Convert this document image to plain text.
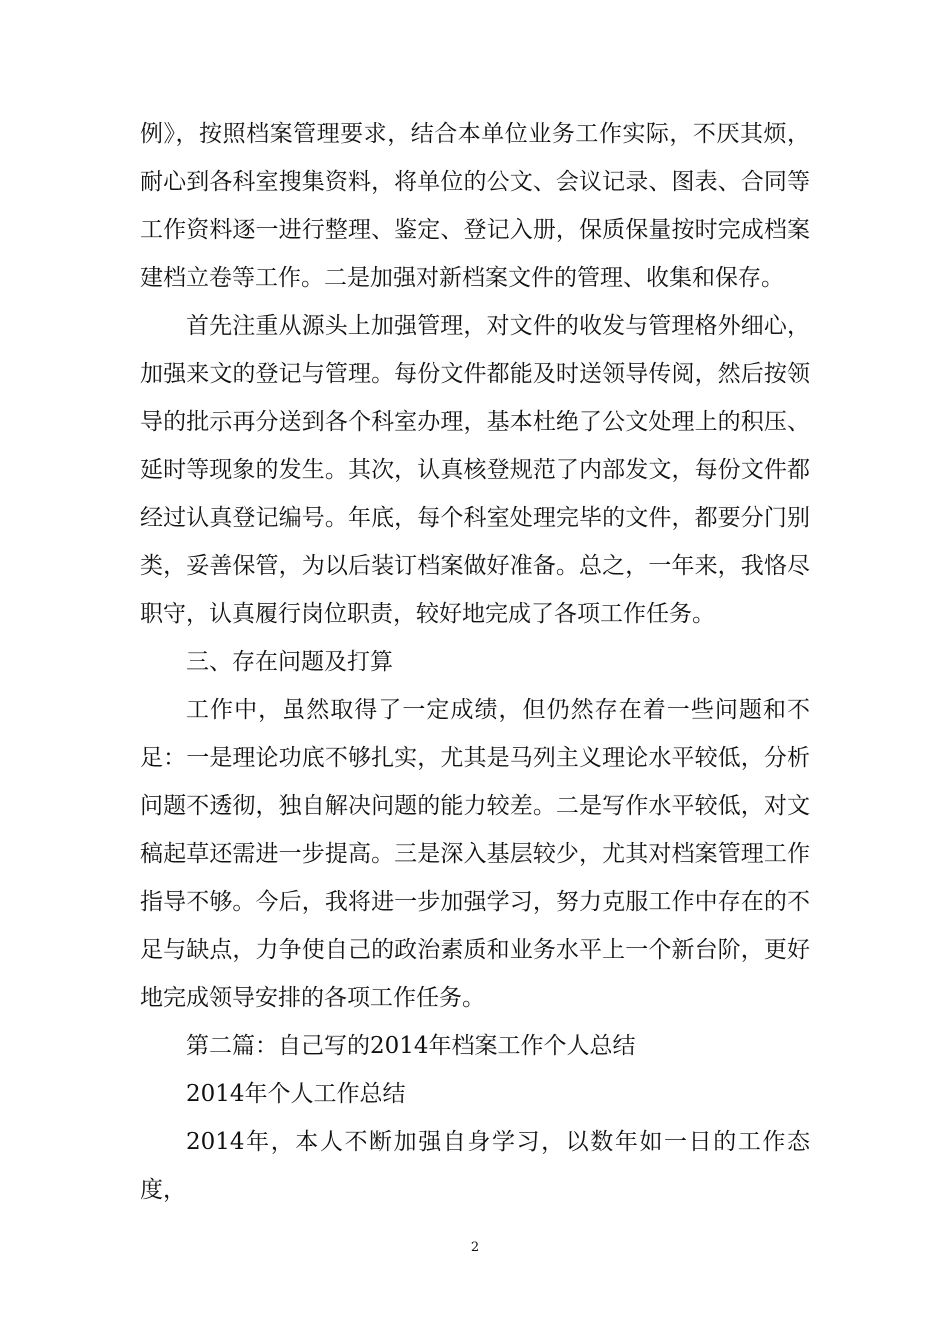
例》，按照档案管理要求，结合本单位业务工作实际，不厌其烦，耐心到各科室搜集资料，将单位的公文、会议记录、图表、合同等工作资料逐一进行整理、鉴定、登记入册，保质保量按时完成档案建档立卷等工作。二是加强对新档案文件的管理、收集和保存。

首先注重从源头上加强管理，对文件的收发与管理格外细心，加强来文的登记与管理。每份文件都能及时送领导传阅，然后按领导的批示再分送到各个科室办理，基本杜绝了公文处理上的积压、延时等现象的发生。其次，认真核登规范了内部发文，每份文件都经过认真登记编号。年底，每个科室处理完毕的文件，都要分门别类，妥善保管，为以后装订档案做好准备。总之，一年来，我恪尽职守，认真履行岗位职责，较好地完成了各项工作任务。

三、存在问题及打算

工作中，虽然取得了一定成绩，但仍然存在着一些问题和不足：一是理论功底不够扎实，尤其是马列主义理论水平较低，分析问题不透彻，独自解决问题的能力较差。二是写作水平较低，对文稿起草还需进一步提高。三是深入基层较少，尤其对档案管理工作指导不够。今后，我将进一步加强学习，努力克服工作中存在的不足与缺点，力争使自己的政治素质和业务水平上一个新台阶，更好地完成领导安排的各项工作任务。

第二篇：自己写的2014年档案工作个人总结

2014年个人工作总结

2014年，本人不断加强自身学习，以数年如一日的工作态度，

2
